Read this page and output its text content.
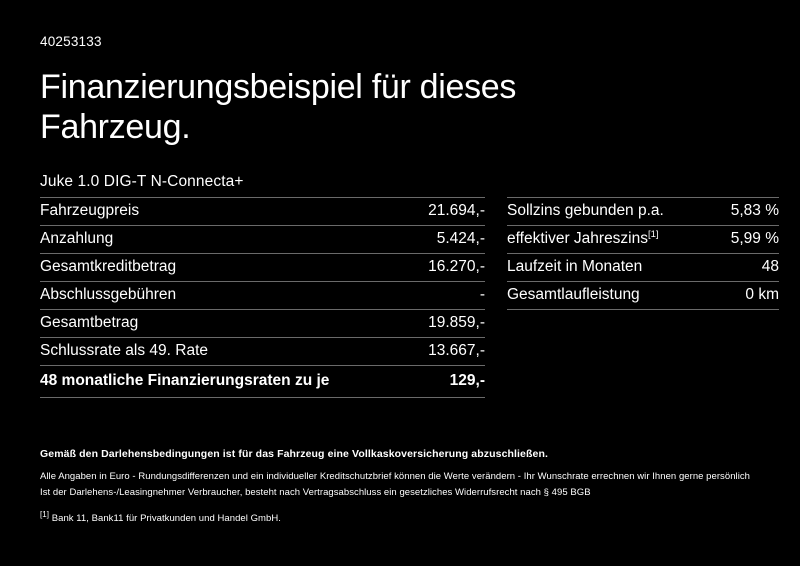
40253133
Finanzierungsbeispiel für dieses Fahrzeug.
Juke 1.0 DIG-T N-Connecta+
Fahrzeugpreis	21.694,-
Anzahlung	5.424,-
Gesamtkreditbetrag	16.270,-
Abschlussgebühren	-
Gesamtbetrag	19.859,-
Schlussrate als 49. Rate	13.667,-
48 monatliche Finanzierungsraten zu je	129,-
Sollzins gebunden p.a.	5,83 %
effektiver Jahreszins[1]	5,99 %
Laufzeit in Monaten	48
Gesamtlaufleistung	0 km

Gemäß den Darlehensbedingungen ist für das Fahrzeug eine Vollkaskoversicherung abzuschließen.

Alle Angaben in Euro - Rundungsdifferenzen und ein individueller Kreditschutzbrief können die Werte verändern - Ihr Wunschrate errechnen wir Ihnen gerne persönlich

Ist der Darlehens-/Leasingnehmer Verbraucher, besteht nach Vertragsabschluss ein gesetzliches Widerrufsrecht nach § 495 BGB

[1] Bank 11, Bank11 für Privatkunden und Handel GmbH.
